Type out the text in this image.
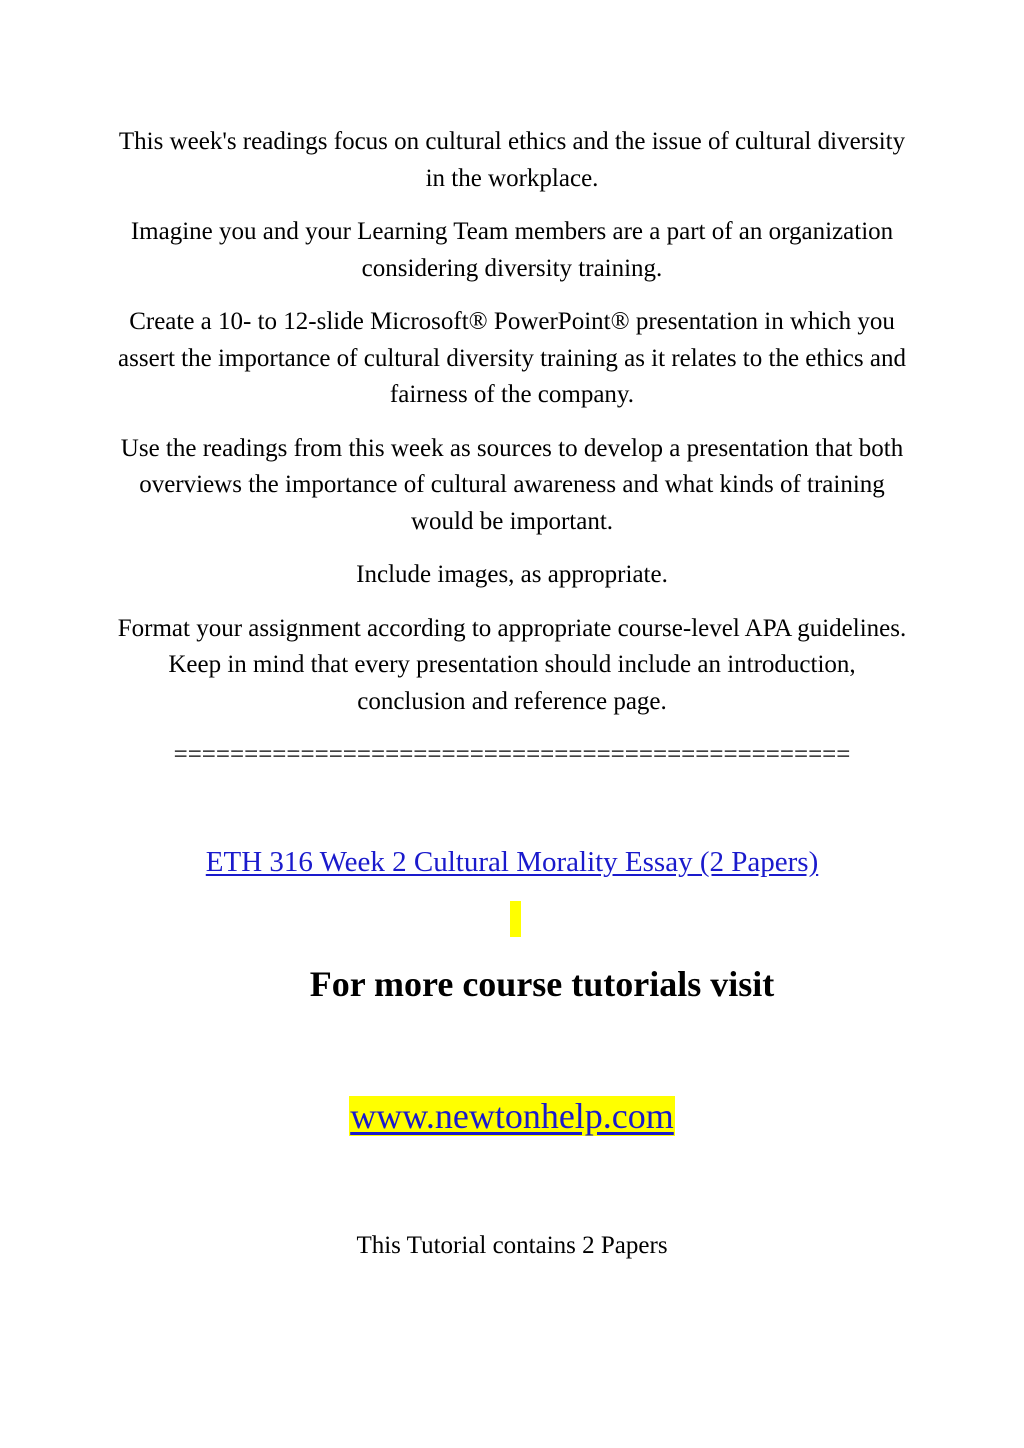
This week's readings focus on cultural ethics and the issue of cultural diversity in the workplace.

Imagine you and your Learning Team members are a part of an organization considering diversity training.

Create a 10- to 12-slide Microsoft® PowerPoint® presentation in which you assert the importance of cultural diversity training as it relates to the ethics and fairness of the company.

Use the readings from this week as sources to develop a presentation that both overviews the importance of cultural awareness and what kinds of training would be important.

Include images, as appropriate.

Format your assignment according to appropriate course-level APA guidelines. Keep in mind that every presentation should include an introduction, conclusion and reference page.

================================================

ETH 316 Week 2 Cultural Morality Essay (2 Papers)
For more course tutorials visit
www.newtonhelp.com
This Tutorial contains 2 Papers
